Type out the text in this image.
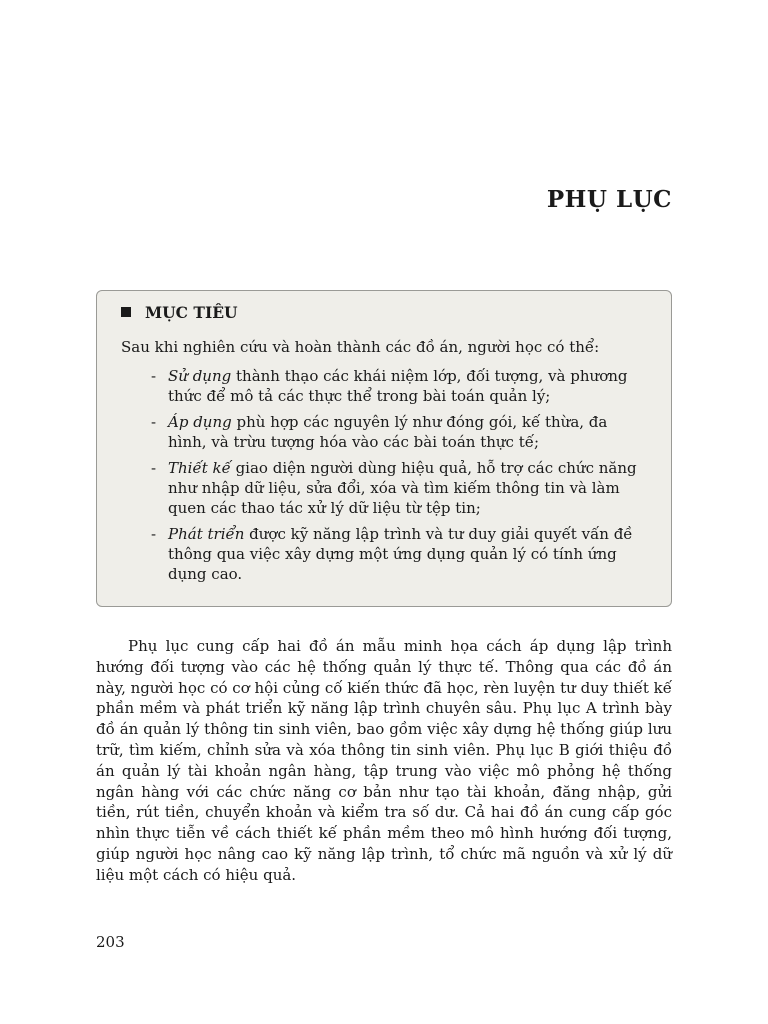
PHỤ LỤC
MỤC TIÊU

Sau khi nghiên cứu và hoàn thành các đồ án, người học có thể:

- Sử dụng thành thạo các khái niệm lớp, đối tượng, và phương thức để mô tả các thực thể trong bài toán quản lý;
- Áp dụng phù hợp các nguyên lý như đóng gói, kế thừa, đa hình, và trừu tượng hóa vào các bài toán thực tế;
- Thiết kế giao diện người dùng hiệu quả, hỗ trợ các chức năng như nhập dữ liệu, sửa đổi, xóa và tìm kiếm thông tin và làm quen các thao tác xử lý dữ liệu từ tệp tin;
- Phát triển được kỹ năng lập trình và tư duy giải quyết vấn đề thông qua việc xây dựng một ứng dụng quản lý có tính ứng dụng cao.

Phụ lục cung cấp hai đồ án mẫu minh họa cách áp dụng lập trình hướng đối tượng vào các hệ thống quản lý thực tế. Thông qua các đồ án này, người học có cơ hội củng cố kiến thức đã học, rèn luyện tư duy thiết kế phần mềm và phát triển kỹ năng lập trình chuyên sâu. Phụ lục A trình bày đồ án quản lý thông tin sinh viên, bao gồm việc xây dựng hệ thống giúp lưu trữ, tìm kiếm, chỉnh sửa và xóa thông tin sinh viên. Phụ lục B giới thiệu đồ án quản lý tài khoản ngân hàng, tập trung vào việc mô phỏng hệ thống ngân hàng với các chức năng cơ bản như tạo tài khoản, đăng nhập, gửi tiền, rút tiền, chuyển khoản và kiểm tra số dư. Cả hai đồ án cung cấp góc nhìn thực tiễn về cách thiết kế phần mềm theo mô hình hướng đối tượng, giúp người học nâng cao kỹ năng lập trình, tổ chức mã nguồn và xử lý dữ liệu một cách có hiệu quả.

203
